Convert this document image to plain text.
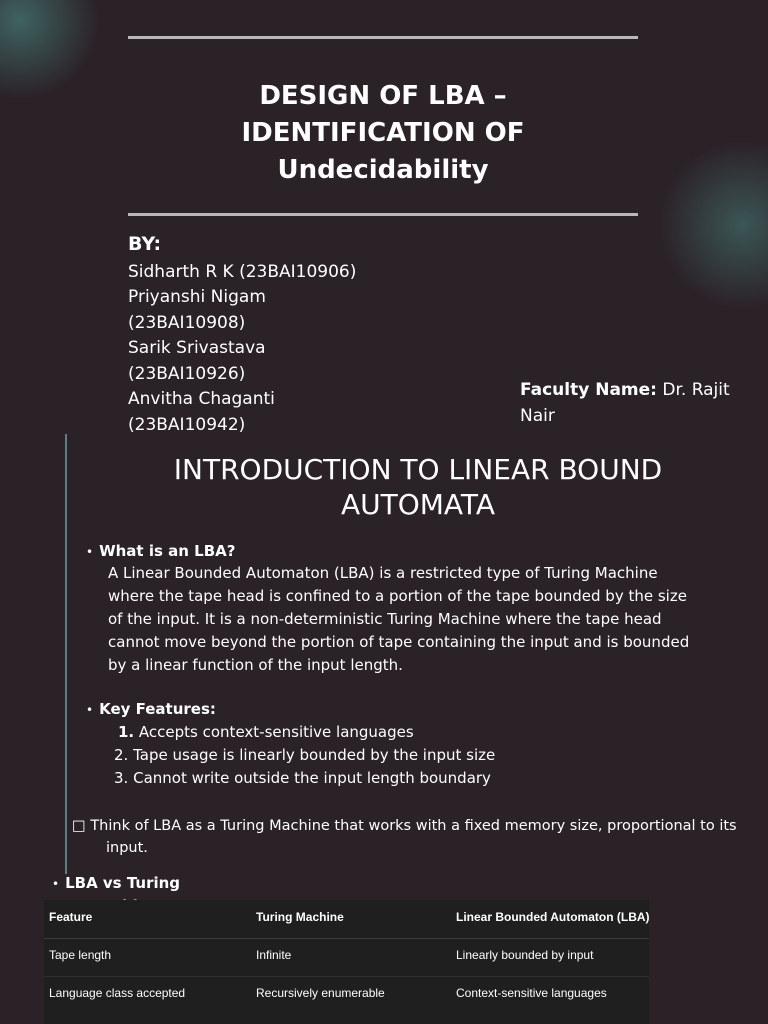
DESIGN OF LBA –
IDENTIFICATION OF
Undecidability
BY:
Sidharth R K (23BAI10906)
Priyanshi Nigam
(23BAI10908)
Sarik Srivastava
(23BAI10926)
Anvitha Chaganti
(23BAI10942)
Faculty Name: Dr. Rajit
Nair
INTRODUCTION TO LINEAR BOUND
AUTOMATA
• What is an LBA?
A Linear Bounded Automaton (LBA) is a restricted type of Turing Machine
where the tape head is confined to a portion of the tape bounded by the size
of the input. It is a non-deterministic Turing Machine where the tape head
cannot move beyond the portion of tape containing the input and is bounded
by a linear function of the input length.
• Key Features:
1. Accepts context-sensitive languages
2. Tape usage is linearly bounded by the input size
3. Cannot write outside the input length boundary
□ Think of LBA as a Turing Machine that works with a fixed memory size, proportional to its
input.
• LBA vs Turing
Feature	Turing Machine	Linear Bounded Automaton (LBA)
Tape length	Infinite	Linearly bounded by input
Language class accepted	Recursively enumerable	Context-sensitive languages
